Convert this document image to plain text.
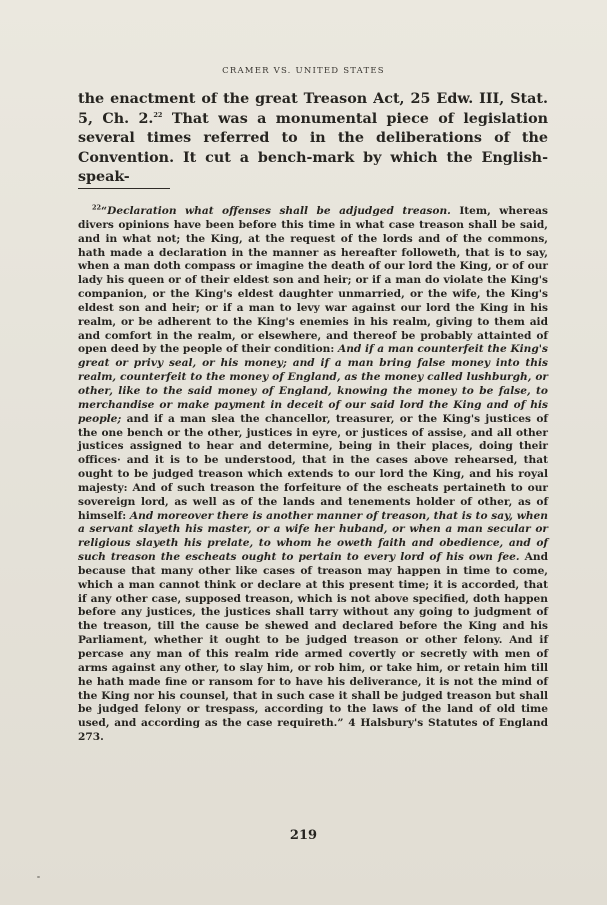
CRAMER VS. UNITED STATES

the enactment of the great Treason Act, 25 Edw. III, Stat. 5, Ch. 2.22 That was a monumental piece of legislation several times referred to in the deliberations of the Convention. It cut a bench-mark by which the English-speak-

$^{22}$“Declaration what offenses shall be adjudged treason. Item, whereas divers opinions have been before this time in what case treason shall be said, and in what not; the King, at the request of the lords and of the commons, hath made a declaration in the manner as hereafter followeth, that is to say, when a man doth compass or imagine the death of our lord the King, or of our lady his queen or of their eldest son and heir; or if a man do violate the King's companion, or the King's eldest daughter unmarried, or the wife, the King's eldest son and heir; or if a man to levy war against our lord the King in his realm, or be adherent to the King's enemies in his realm, giving to them aid and comfort in the realm, or elsewhere, and thereof be probably attainted of open deed by the people of their condition: And if a man counterfeit the King's great or privy seal, or his money; and if a man bring false money into this realm, counterfeit to the money of England, as the money called lushburgh, or other, like to the said money of England, knowing the money to be false, to merchandise or make payment in deceit of our said lord the King and of his people; and if a man slea the chancellor, treasurer, or the King's justices of the one bench or the other, justices in eyre, or justices of assise, and all other justices assigned to hear and determine, being in their places, doing their offices· and it is to be understood, that in the cases above rehearsed, that ought to be judged treason which extends to our lord the King, and his royal majesty: And of such treason the forfeiture of the escheats pertaineth to our sovereign lord, as well as of the lands and tenements holder of other, as of himself: And moreover there is another manner of treason, that is to say, when a servant slayeth his master, or a wife her huband, or when a man secular or religious slayeth his prelate, to whom he oweth faith and obedience, and of such treason the escheats ought to pertain to every lord of his own fee. And because that many other like cases of treason may happen in time to come, which a man cannot think or declare at this present time; it is accorded, that if any other case, supposed treason, which is not above specified, doth happen before any justices, the justices shall tarry without any going to judgment of the treason, till the cause be shewed and declared before the King and his Parliament, whether it ought to be judged treason or other felony. And if percase any man of this realm ride armed covertly or secretly with men of arms against any other, to slay him, or rob him, or take him, or retain him till he hath made fine or ransom for to have his deliverance, it is not the mind of the King nor his counsel, that in such case it shall be judged treason but shall be judged felony or trespass, according to the laws of the land of old time used, and according as the case requireth.” 4 Halsbury's Statutes of England 273.

219
